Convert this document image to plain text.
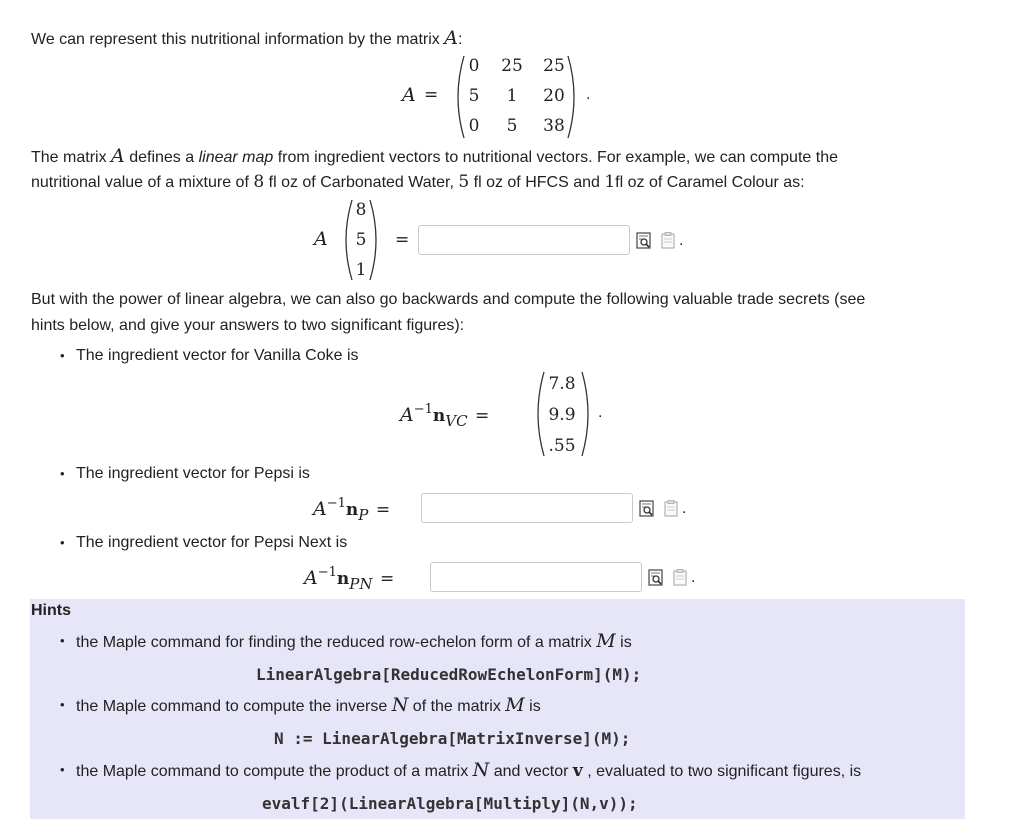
We can represent this nutritional information by the matrix A:
A =
0	25	25
5	1	20
0	5	38
.
The matrix A defines a linear map from ingredient vectors to nutritional vectors. For example, we can compute the
nutritional value of a mixture of 8 fl oz of Carbonated Water, 5 fl oz of HFCS and 1fl oz of Caramel Colour as:
A
8
5
1
=	.
But with the power of linear algebra, we can also go backwards and compute the following valuable trade secrets (see
hints below, and give your answers to two significant figures):
• The ingredient vector for Vanilla Coke is
$A^{-1}nVC$ =
7.8
9.9
.55
.
• The ingredient vector for Pepsi is
$A^{-1}nP$ =	.
• The ingredient vector for Pepsi Next is
$A^{-1}nPN$ =	.
Hints
• the Maple command for finding the reduced row-echelon form of a matrix M is
LinearAlgebra[ReducedRowEchelonForm](M);
• the Maple command to compute the inverse N of the matrix M is
N := LinearAlgebra[MatrixInverse](M);
• the Maple command to compute the product of a matrix N and vector v , evaluated to two significant figures, is
evalf[2](LinearAlgebra[Multiply](N,v));
